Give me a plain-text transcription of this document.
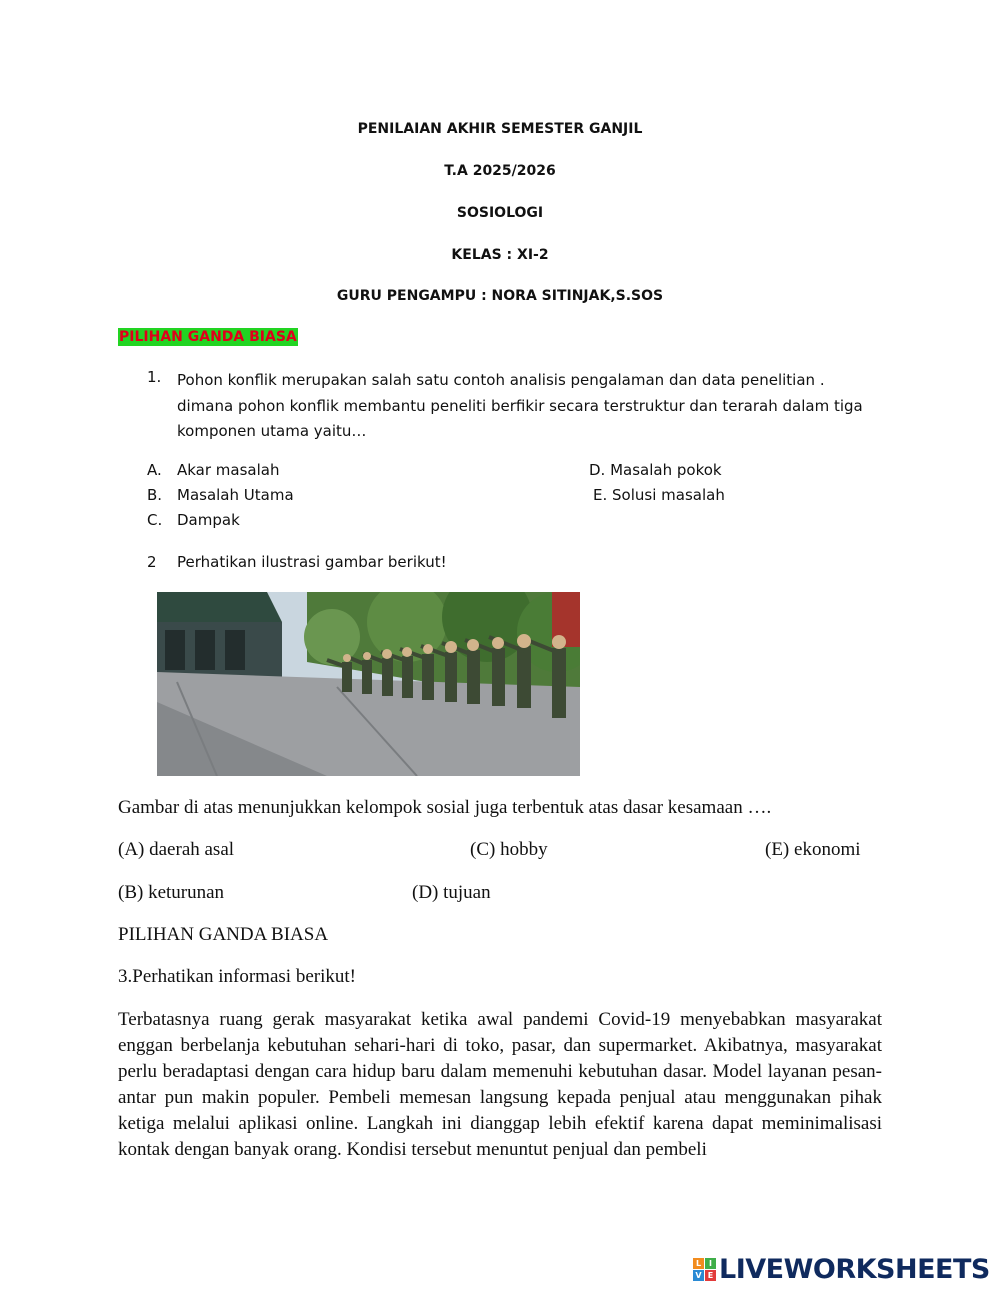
PENILAIAN AKHIR SEMESTER GANJIL
T.A 2025/2026
SOSIOLOGI
KELAS : XI-2
GURU PENGAMPU : NORA SITINJAK,S.SOS
PILIHAN GANDA BIASA
1. Pohon konflik merupakan salah satu contoh analisis pengalaman dan data penelitian . dimana pohon konflik membantu peneliti berfikir secara terstruktur dan terarah dalam tiga komponen utama yaitu…
A. Akar masalah
B. Masalah Utama
C. Dampak
D. Masalah pokok
E. Solusi masalah
2 Perhatikan ilustrasi gambar berikut!
Gambar di atas menunjukkan kelompok sosial juga terbentuk atas dasar kesamaan ….
(A) daerah asal	(C) hobby	(E) ekonomi
(B) keturunan	(D) tujuan
PILIHAN GANDA BIASA
3.Perhatikan informasi berikut!
Terbatasnya ruang gerak masyarakat ketika awal pandemi Covid-19 menyebabkan masyarakat enggan berbelanja kebutuhan sehari-hari di toko, pasar, dan supermarket. Akibatnya, masyarakat perlu beradaptasi dengan cara hidup baru dalam memenuhi kebutuhan dasar. Model layanan pesan-antar pun makin populer. Pembeli memesan langsung kepada penjual atau menggunakan pihak ketiga melalui aplikasi online. Langkah ini dianggap lebih efektif karena dapat meminimalisasi kontak dengan banyak orang. Kondisi tersebut menuntut penjual dan pembeli
L I
V E LIVEWORKSHEETS
